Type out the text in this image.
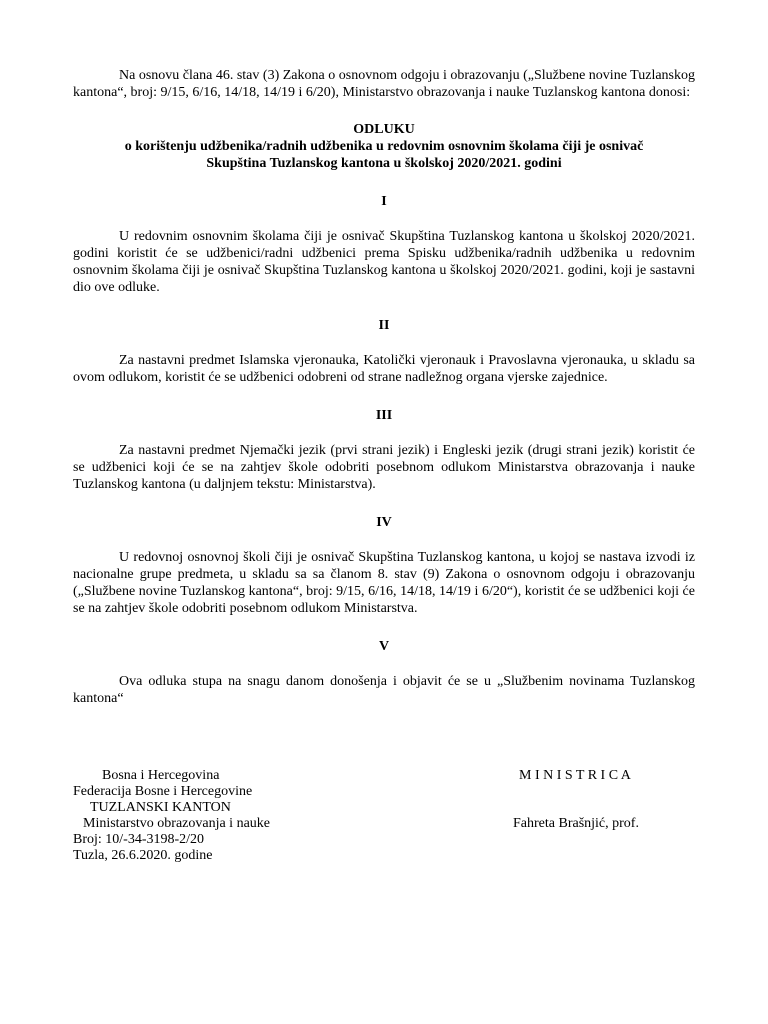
Na osnovu člana 46. stav (3) Zakona o osnovnom odgoju i obrazovanju („Službene novine Tuzlanskog kantona“, broj: 9/15, 6/16, 14/18, 14/19 i 6/20), Ministarstvo obrazovanja i nauke Tuzlanskog kantona donosi:

ODLUKU
o korištenju udžbenika/radnih udžbenika u redovnim osnovnim školama čiji je osnivač
Skupština Tuzlanskog kantona u školskoj 2020/2021. godini
I

U redovnim osnovnim školama čiji je osnivač Skupština Tuzlanskog kantona u školskoj 2020/2021. godini koristit će se udžbenici/radni udžbenici prema Spisku udžbenika/radnih udžbenika u redovnim osnovnim školama čiji je osnivač Skupština Tuzlanskog kantona u školskoj 2020/2021. godini, koji je sastavni dio ove odluke.

II

Za nastavni predmet Islamska vjeronauka, Katolički vjeronauk i Pravoslavna vjeronauka, u skladu sa ovom odlukom, koristit će se udžbenici odobreni od strane nadležnog organa vjerske zajednice.

III

Za nastavni predmet Njemački jezik (prvi strani jezik) i Engleski jezik (drugi strani jezik) koristit će se udžbenici koji će se na zahtjev škole odobriti posebnom odlukom Ministarstva obrazovanja i nauke Tuzlanskog kantona (u daljnjem tekstu: Ministarstva).

IV

U redovnoj osnovnoj školi čiji je osnivač Skupština Tuzlanskog kantona, u kojoj se nastava izvodi iz nacionalne grupe predmeta, u skladu sa sa članom 8. stav (9) Zakona o osnovnom odgoju i obrazovanju („Službene novine Tuzlanskog kantona“, broj: 9/15, 6/16, 14/18, 14/19 i 6/20“), koristit će se udžbenici koji će se na zahtjev škole odobriti posebnom odlukom Ministarstva.

V

Ova odluka stupa na snagu danom donošenja i objavit će se u „Službenim novinama Tuzlanskog kantona“

Bosna i Hercegovina
Federacija Bosne i Hercegovine
TUZLANSKI KANTON
Ministarstvo obrazovanja i nauke
Broj: 10/-34-3198-2/20
Tuzla, 26.6.2020. godine
M I N I S T R I C A
Fahreta Brašnjić, prof.
